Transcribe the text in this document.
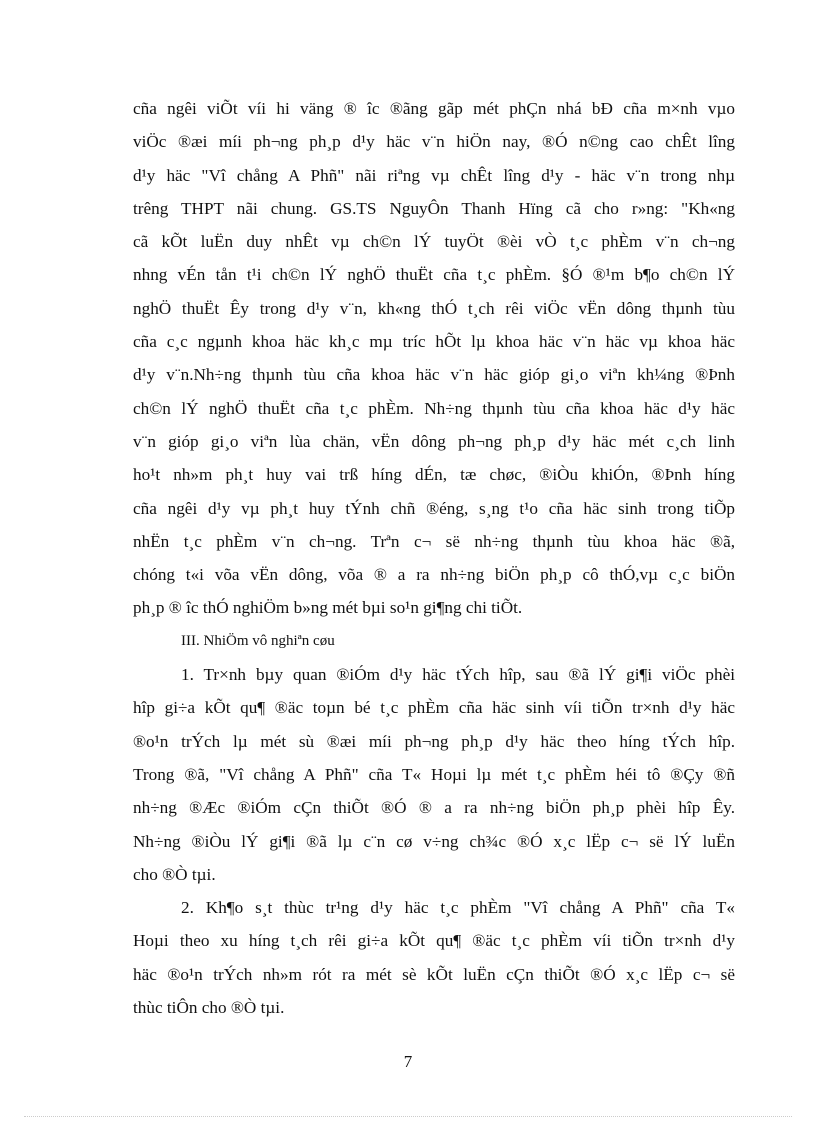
cña ngêi viÕt víi hi väng ® îc ®ãng gãp mét phÇn nhá bÐ cña m×nh vµo
viÖc ®æi míi ph¬ng ph¸p d¹y häc v¨n hiÖn nay, ®Ó n©ng cao chÊt lîng
d¹y häc "Vî chång A Phñ" nãi riªng vµ chÊt lîng d¹y - häc v¨n trong nhµ
trêng THPT nãi chung. GS.TS NguyÔn Thanh Hïng cã cho r»ng: "Kh«ng
cã kÕt luËn duy nhÊt vµ ch©n lÝ tuyÖt ®èi vÒ t¸c phÈm v¨n ch¬ng
nhng vÉn tån t¹i ch©n lÝ nghÖ thuËt cña t¸c phÈm. §Ó ®¹m b¶o ch©n lÝ
nghÖ thuËt Êy trong d¹y v¨n, kh«ng thÓ t¸ch rêi viÖc vËn dông thµnh tùu
cña c¸c ngµnh khoa häc kh¸c mµ tríc hÕt lµ khoa häc v¨n häc vµ khoa häc
d¹y v¨n.Nh÷ng thµnh tùu cña khoa häc v¨n häc gióp gi¸o viªn kh¼ng ®Þnh
ch©n lÝ nghÖ thuËt cña t¸c phÈm. Nh÷ng thµnh tùu cña khoa häc d¹y häc
v¨n gióp gi¸o viªn lùa chän, vËn dông ph¬ng ph¸p d¹y häc mét c¸ch linh
ho¹t nh»m ph¸t huy vai trß híng dÉn, tæ chøc, ®iÒu khiÓn, ®Þnh híng
cña ngêi d¹y vµ ph¸t huy tÝnh chñ ®éng, s¸ng t¹o cña häc sinh trong tiÕp
nhËn t¸c phÈm v¨n ch¬ng. Trªn c¬ së nh÷ng thµnh tùu khoa häc ®ã,
chóng t«i võa vËn dông, võa ® a ra nh÷ng biÖn ph¸p cô thÓ,vµ c¸c biÖn
ph¸p ® îc thÓ nghiÖm b»ng mét bµi so¹n gi¶ng chi tiÕt.
III. NhiÖm vô nghiªn cøu
1. Tr×nh bµy quan ®iÓm d¹y häc tÝch hîp, sau ®ã lÝ gi¶i viÖc phèi
hîp gi÷a kÕt qu¶ ®äc toµn bé t¸c phÈm cña häc sinh víi tiÕn tr×nh d¹y häc
®o¹n trÝch lµ mét sù ®æi míi ph¬ng ph¸p d¹y häc theo híng tÝch hîp.
Trong ®ã, "Vî chång A Phñ" cña T« Hoµi lµ mét t¸c phÈm héi tô ®Çy ®ñ
nh÷ng ®Æc ®iÓm cÇn thiÕt ®Ó ® a ra nh÷ng biÖn ph¸p phèi hîp Êy.
Nh÷ng ®iÒu lÝ gi¶i ®ã lµ c¨n cø v÷ng ch¾c ®Ó x¸c lËp c¬ së lÝ luËn
cho ®Ò tµi.
2. Kh¶o s¸t thùc tr¹ng d¹y häc t¸c phÈm "Vî chång A Phñ" cña T«
Hoµi theo xu híng t¸ch rêi gi÷a kÕt qu¶ ®äc t¸c phÈm víi tiÕn tr×nh d¹y
häc ®o¹n trÝch nh»m rót ra mét sè kÕt luËn cÇn thiÕt ®Ó x¸c lËp c¬ së
thùc tiÔn cho ®Ò tµi.
7
